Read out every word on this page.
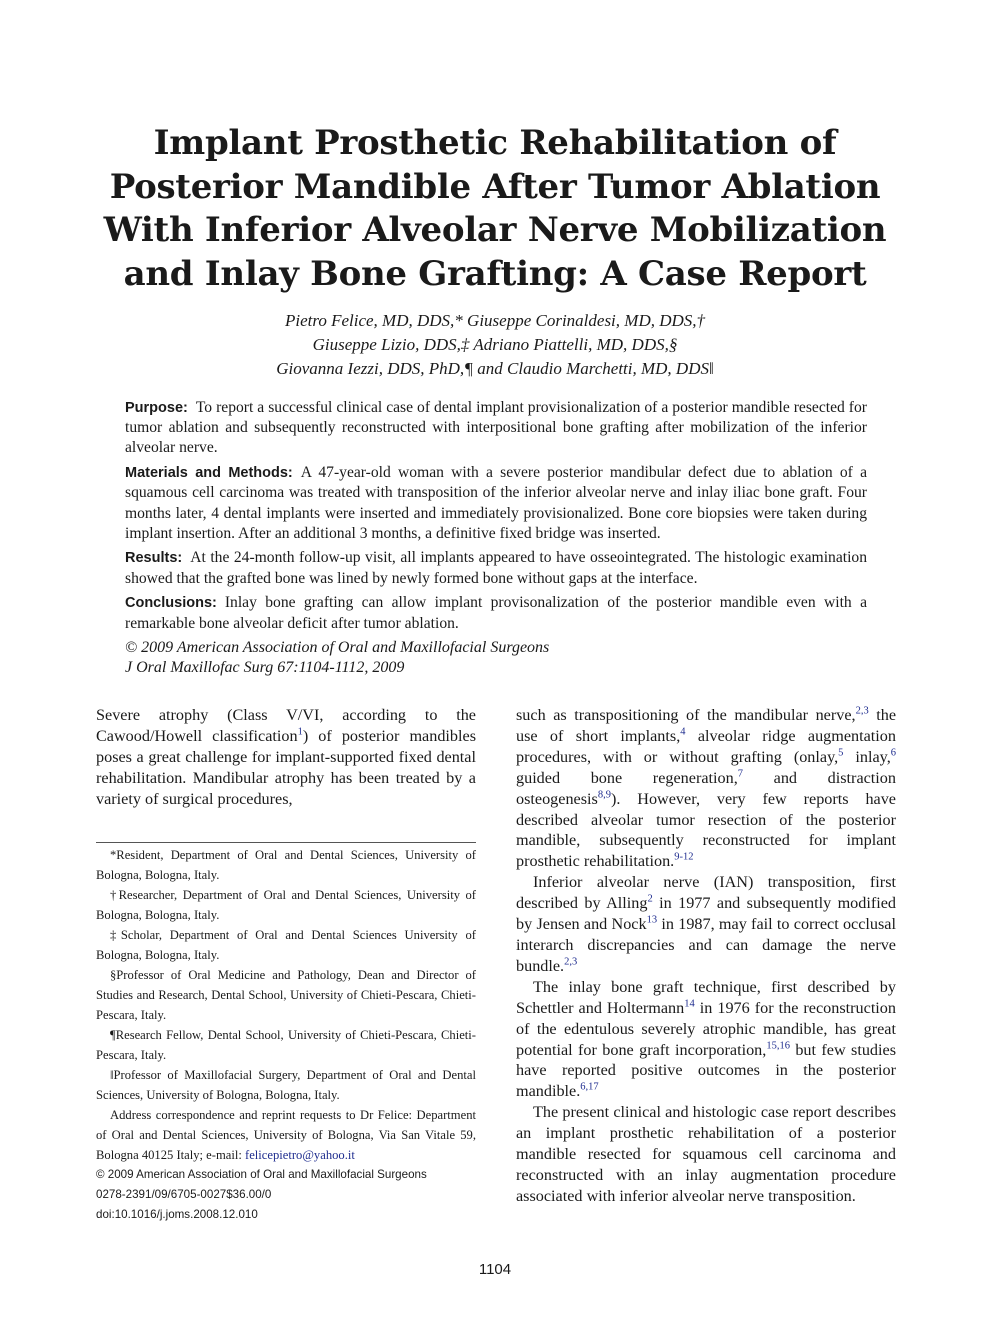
Implant Prosthetic Rehabilitation of
Posterior Mandible After Tumor Ablation
With Inferior Alveolar Nerve Mobilization
and Inlay Bone Grafting: A Case Report
Pietro Felice, MD, DDS,* Giuseppe Corinaldesi, MD, DDS,†
Giuseppe Lizio, DDS,‡ Adriano Piattelli, MD, DDS,§
Giovanna Iezzi, DDS, PhD,¶ and Claudio Marchetti, MD, DDS‖

Purpose: To report a successful clinical case of dental implant provisionalization of a posterior mandible resected for tumor ablation and subsequently reconstructed with interpositional bone grafting after mobilization of the inferior alveolar nerve.

Materials and Methods: A 47-year-old woman with a severe posterior mandibular defect due to ablation of a squamous cell carcinoma was treated with transposition of the inferior alveolar nerve and inlay iliac bone graft. Four months later, 4 dental implants were inserted and immediately provisionalized. Bone core biopsies were taken during implant insertion. After an additional 3 months, a definitive fixed bridge was inserted.

Results: At the 24-month follow-up visit, all implants appeared to have osseointegrated. The histologic examination showed that the grafted bone was lined by newly formed bone without gaps at the interface.

Conclusions: Inlay bone grafting can allow implant provisonalization of the posterior mandible even with a remarkable bone alveolar deficit after tumor ablation.

© 2009 American Association of Oral and Maxillofacial Surgeons

J Oral Maxillofac Surg 67:1104-1112, 2009

Severe atrophy (Class V/VI, according to the Cawood/Howell classification$^1$) of posterior mandibles poses a great challenge for implant-supported fixed dental rehabilitation. Mandibular atrophy has been treated by a variety of surgical procedures,

*Resident, Department of Oral and Dental Sciences, University of Bologna, Bologna, Italy.

†Researcher, Department of Oral and Dental Sciences, University of Bologna, Bologna, Italy.

‡Scholar, Department of Oral and Dental Sciences University of Bologna, Bologna, Italy.

§Professor of Oral Medicine and Pathology, Dean and Director of Studies and Research, Dental School, University of Chieti-Pescara, Chieti-Pescara, Italy.

¶Research Fellow, Dental School, University of Chieti-Pescara, Chieti-Pescara, Italy.

‖Professor of Maxillofacial Surgery, Department of Oral and Dental Sciences, University of Bologna, Bologna, Italy.

Address correspondence and reprint requests to Dr Felice: Department of Oral and Dental Sciences, University of Bologna, Via San Vitale 59, Bologna 40125 Italy; e-mail: felicepietro@yahoo.it

© 2009 American Association of Oral and Maxillofacial Surgeons

0278-2391/09/6705-0027$36.00/0

doi:10.1016/j.joms.2008.12.010

such as transpositioning of the mandibular nerve,$^{2,3}$ the use of short implants,$^4$ alveolar ridge augmentation procedures, with or without grafting (onlay,$^5$ inlay,$^6$ guided bone regeneration,$^7$ and distraction osteogenesis$^{8,9}$). However, very few reports have described alveolar tumor resection of the posterior mandible, subsequently reconstructed for implant prosthetic rehabilitation.$^{9-12}$

Inferior alveolar nerve (IAN) transposition, first described by Alling$^2$ in 1977 and subsequently modified by Jensen and Nock$^{13}$ in 1987, may fail to correct occlusal interarch discrepancies and can damage the nerve bundle.$^{2,3}$

The inlay bone graft technique, first described by Schettler and Holtermann$^{14}$ in 1976 for the reconstruction of the edentulous severely atrophic mandible, has great potential for bone graft incorporation,$^{15,16}$ but few studies have reported positive outcomes in the posterior mandible.$^{6,17}$

The present clinical and histologic case report describes an implant prosthetic rehabilitation of a posterior mandible resected for squamous cell carcinoma and reconstructed with an inlay augmentation procedure associated with inferior alveolar nerve transposition.

1104
